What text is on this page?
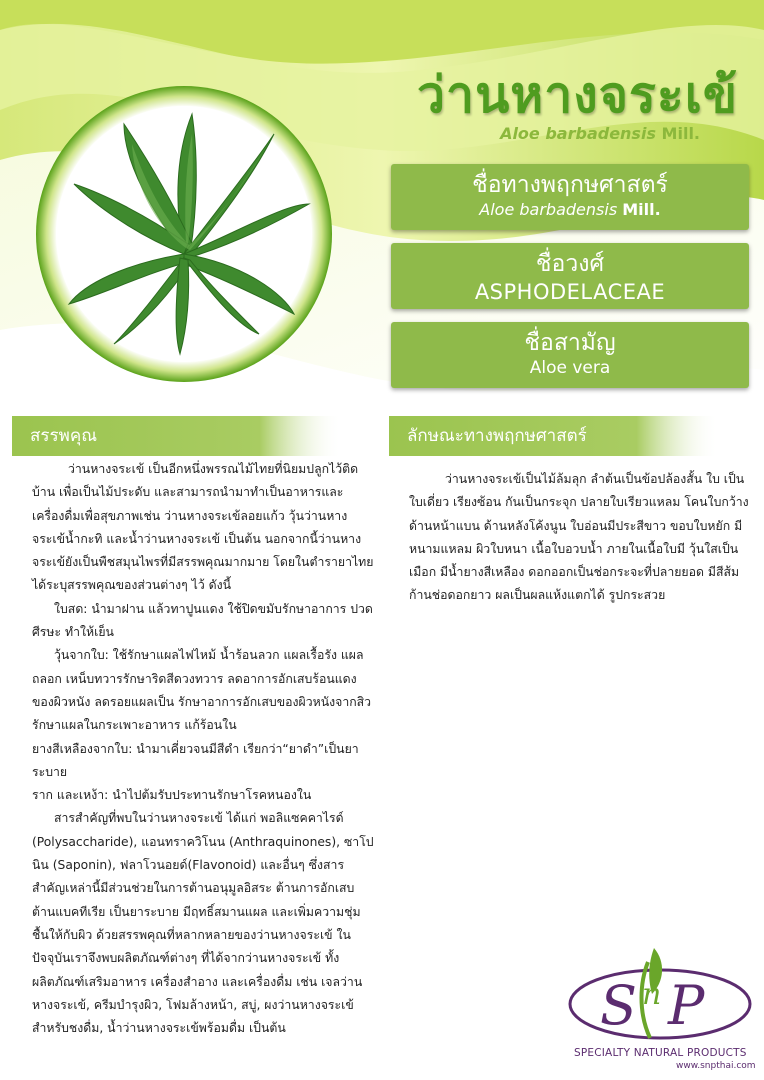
ว่านหางจระเข้
Aloe barbadensis Mill.
ชื่อทางพฤกษศาสตร์
Aloe barbadensis Mill.
ชื่อวงศ์
ASPHODELACEAE
ชื่อสามัญ
Aloe vera
สรรพคุณ	ลักษณะทางพฤกษศาสตร์

ว่านหางจระเข้ เป็นอีกหนึ่งพรรณไม้ไทยที่นิยมปลูกไว้ติดบ้าน เพื่อเป็นไม้ประดับ และสามารถนำมาทำเป็นอาหารและเครื่องดื่มเพื่อสุขภาพเช่น ว่านหางจระเข้ลอยแก้ว วุ้นว่านหางจระเข้น้ำกะทิ และน้ำว่านหางจระเข้ เป็นต้น นอกจากนี้ว่านหางจระเข้ยังเป็นพืชสมุนไพรที่มีสรรพคุณมากมาย โดยในตำรายาไทยได้ระบุสรรพคุณของส่วนต่างๆ ไว้ ดังนี้

ใบสด: นำมาฝาน แล้วทาปูนแดง ใช้ปิดขมับรักษาอาการ ปวดศีรษะ ทำให้เย็น

วุ้นจากใบ: ใช้รักษาแผลไฟไหม้ น้ำร้อนลวก แผลเรื้อรัง แผลถลอก เหน็บทวารรักษาริดสีดวงทวาร ลดอาการอักเสบร้อนแดงของผิวหนัง ลดรอยแผลเป็น รักษาอาการอักเสบของผิวหนังจากสิว รักษาแผลในกระเพาะอาหาร แก้ร้อนใน

ยางสีเหลืองจากใบ: นำมาเคี่ยวจนมีสีดำ เรียกว่า“ยาดำ”เป็นยาระบาย

ราก และเหง้า: นำไปต้มรับประทานรักษาโรคหนองใน

สารสำคัญที่พบในว่านหางจระเข้ ได้แก่ พอลิแซคคาไรด์ (Polysaccharide), แอนทราควิโนน (Anthraquinones), ซาโปนิน (Saponin), ฟลาโวนอยด์(Flavonoid) และอื่นๆ ซึ่งสารสำคัญเหล่านี้มีส่วนช่วยในการต้านอนุมูลอิสระ ต้านการอักเสบ ต้านแบคทีเรีย เป็นยาระบาย มีฤทธิ์สมานแผล และเพิ่มความชุ่มชื้นให้กับผิว ด้วยสรรพคุณที่หลากหลายของว่านหางจระเข้ ในปัจจุบันเราจึงพบผลิตภัณฑ์ต่างๆ ที่ได้จากว่านหางจระเข้ ทั้งผลิตภัณฑ์เสริมอาหาร เครื่องสำอาง และเครื่องดื่ม เช่น เจลว่านหางจระเข้, ครีมบำรุงผิว, โฟมล้างหน้า, สบู่, ผงว่านหางจระเข้สำหรับชงดื่ม, น้ำว่านหางจระเข้พร้อมดื่ม เป็นต้น

ว่านหางจระเข้เป็นไม้ล้มลุก ลำต้นเป็นข้อปล้องสั้น ใบ เป็นใบเดี่ยว เรียงซ้อน กันเป็นกระจุก ปลายใบเรียวแหลม โคนใบกว้าง ด้านหน้าแบน ด้านหลังโค้งนูน ใบอ่อนมีประสีขาว ขอบใบหยัก มีหนามแหลม ผิวใบหนา เนื้อใบอวบน้ำ ภายในเนื้อใบมี วุ้นใสเป็นเมือก มีน้ำยางสีเหลือง ดอกออกเป็นช่อกระจะที่ปลายยอด มีสีส้ม ก้านช่อดอกยาว ผลเป็นผลแห้งแตกได้ รูปกระสวย

S P
n
SPECIALTY NATURAL PRODUCTS
www.snpthai.com
